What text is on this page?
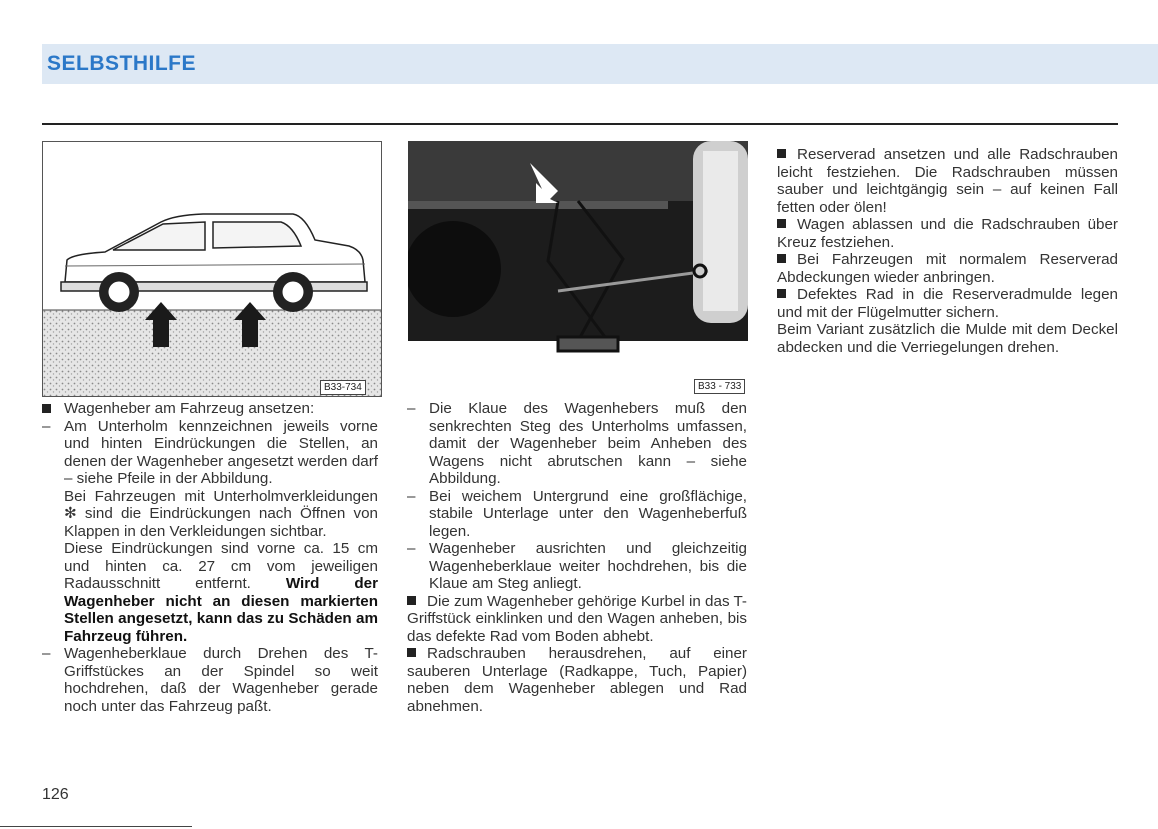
SELBSTHILFE
B33-734	B33 - 733

Wagenheber am Fahrzeug ansetzen:

– Am Unterholm kennzeichnen jeweils vorne und hinten Eindrückungen die Stellen, an denen der Wagenheber angesetzt werden darf – siehe Pfeile in der Abbildung.

Bei Fahrzeugen mit Unterholmverkleidungen ✻ sind die Eindrückungen nach Öffnen von Klappen in den Verkleidungen sichtbar.

Diese Eindrückungen sind vorne ca. 15 cm und hinten ca. 27 cm vom jeweiligen Radausschnitt entfernt. Wird der Wagenheber nicht an diesen markierten Stellen angesetzt, kann das zu Schäden am Fahrzeug führen.

– Wagenheberklaue durch Drehen des T-Griffstückes an der Spindel so weit hochdrehen, daß der Wagenheber gerade noch unter das Fahrzeug paßt.

– Die Klaue des Wagenhebers muß den senkrechten Steg des Unterholms umfassen, damit der Wagenheber beim Anheben des Wagens nicht abrutschen kann – siehe Abbildung.

– Bei weichem Untergrund eine großflächige, stabile Unterlage unter den Wagenheberfuß legen.

– Wagenheber ausrichten und gleichzeitig Wagenheberklaue weiter hochdrehen, bis die Klaue am Steg anliegt.

Die zum Wagenheber gehörige Kurbel in das T-Griffstück einklinken und den Wagen anheben, bis das defekte Rad vom Boden abhebt.

Radschrauben herausdrehen, auf einer sauberen Unterlage (Radkappe, Tuch, Papier) neben dem Wagenheber ablegen und Rad abnehmen.

Reserverad ansetzen und alle Radschrauben leicht festziehen. Die Radschrauben müssen sauber und leichtgängig sein – auf keinen Fall fetten oder ölen!

Wagen ablassen und die Radschrauben über Kreuz festziehen.

Bei Fahrzeugen mit normalem Reserverad Abdeckungen wieder anbringen.

Defektes Rad in die Reserveradmulde legen und mit der Flügelmutter sichern.

Beim Variant zusätzlich die Mulde mit dem Deckel abdecken und die Verriegelungen drehen.

126
